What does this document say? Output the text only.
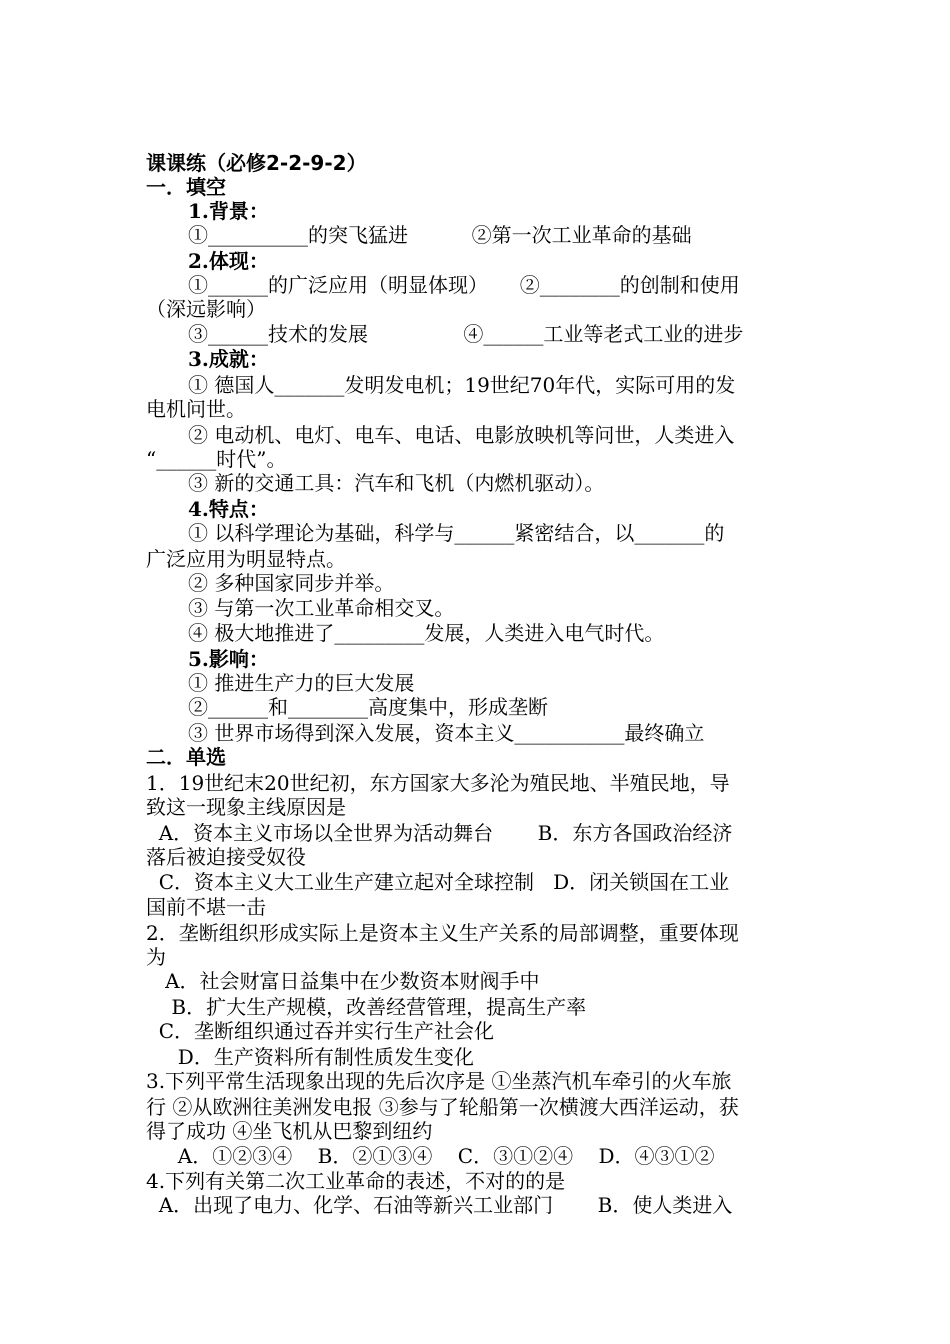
课课练（必修2-2-9-2）
一．填空
1.背景：
①__________的突飞猛进          ②第一次工业革命的基础
2.体现：
①______的广泛应用（明显体现）     ②________的创制和使用
（深远影响）
③______技术的发展               ④______工业等老式工业的进步
3.成就：
① 德国人_______发明发电机；19世纪70年代，实际可用的发
电机问世。
② 电动机、电灯、电车、电话、电影放映机等问世，人类进入
“______时代”。
③ 新的交通工具：汽车和飞机（内燃机驱动）。
4.特点：
① 以科学理论为基础，科学与______紧密结合，以_______的
广泛应用为明显特点。
② 多种国家同步并举。
③ 与第一次工业革命相交叉。
④ 极大地推进了_________发展，人类进入电气时代。
5.影响：
① 推进生产力的巨大发展
②______和________高度集中，形成垄断
③ 世界市场得到深入发展，资本主义___________最终确立
二．单选
1．19世纪末20世纪初，东方国家大多沦为殖民地、半殖民地，导
致这一现象主线原因是
A．资本主义市场以全世界为活动舞台       B．东方各国政治经济
落后被迫接受奴役
C．资本主义大工业生产建立起对全球控制   D．闭关锁国在工业
国前不堪一击
2．垄断组织形成实际上是资本主义生产关系的局部调整，重要体现
为
A．社会财富日益集中在少数资本财阀手中
B．扩大生产规模，改善经营管理，提高生产率
C．垄断组织通过吞并实行生产社会化
D．生产资料所有制性质发生变化
3.下列平常生活现象出现的先后次序是 ①坐蒸汽机车牵引的火车旅
行 ②从欧洲往美洲发电报 ③参与了轮船第一次横渡大西洋运动，获
得了成功 ④坐飞机从巴黎到纽约
A．①②③④    B．②①③④    C．③①②④    D．④③①②
4.下列有关第二次工业革命的表述，不对的的是
A．出现了电力、化学、石油等新兴工业部门       B．使人类进入
